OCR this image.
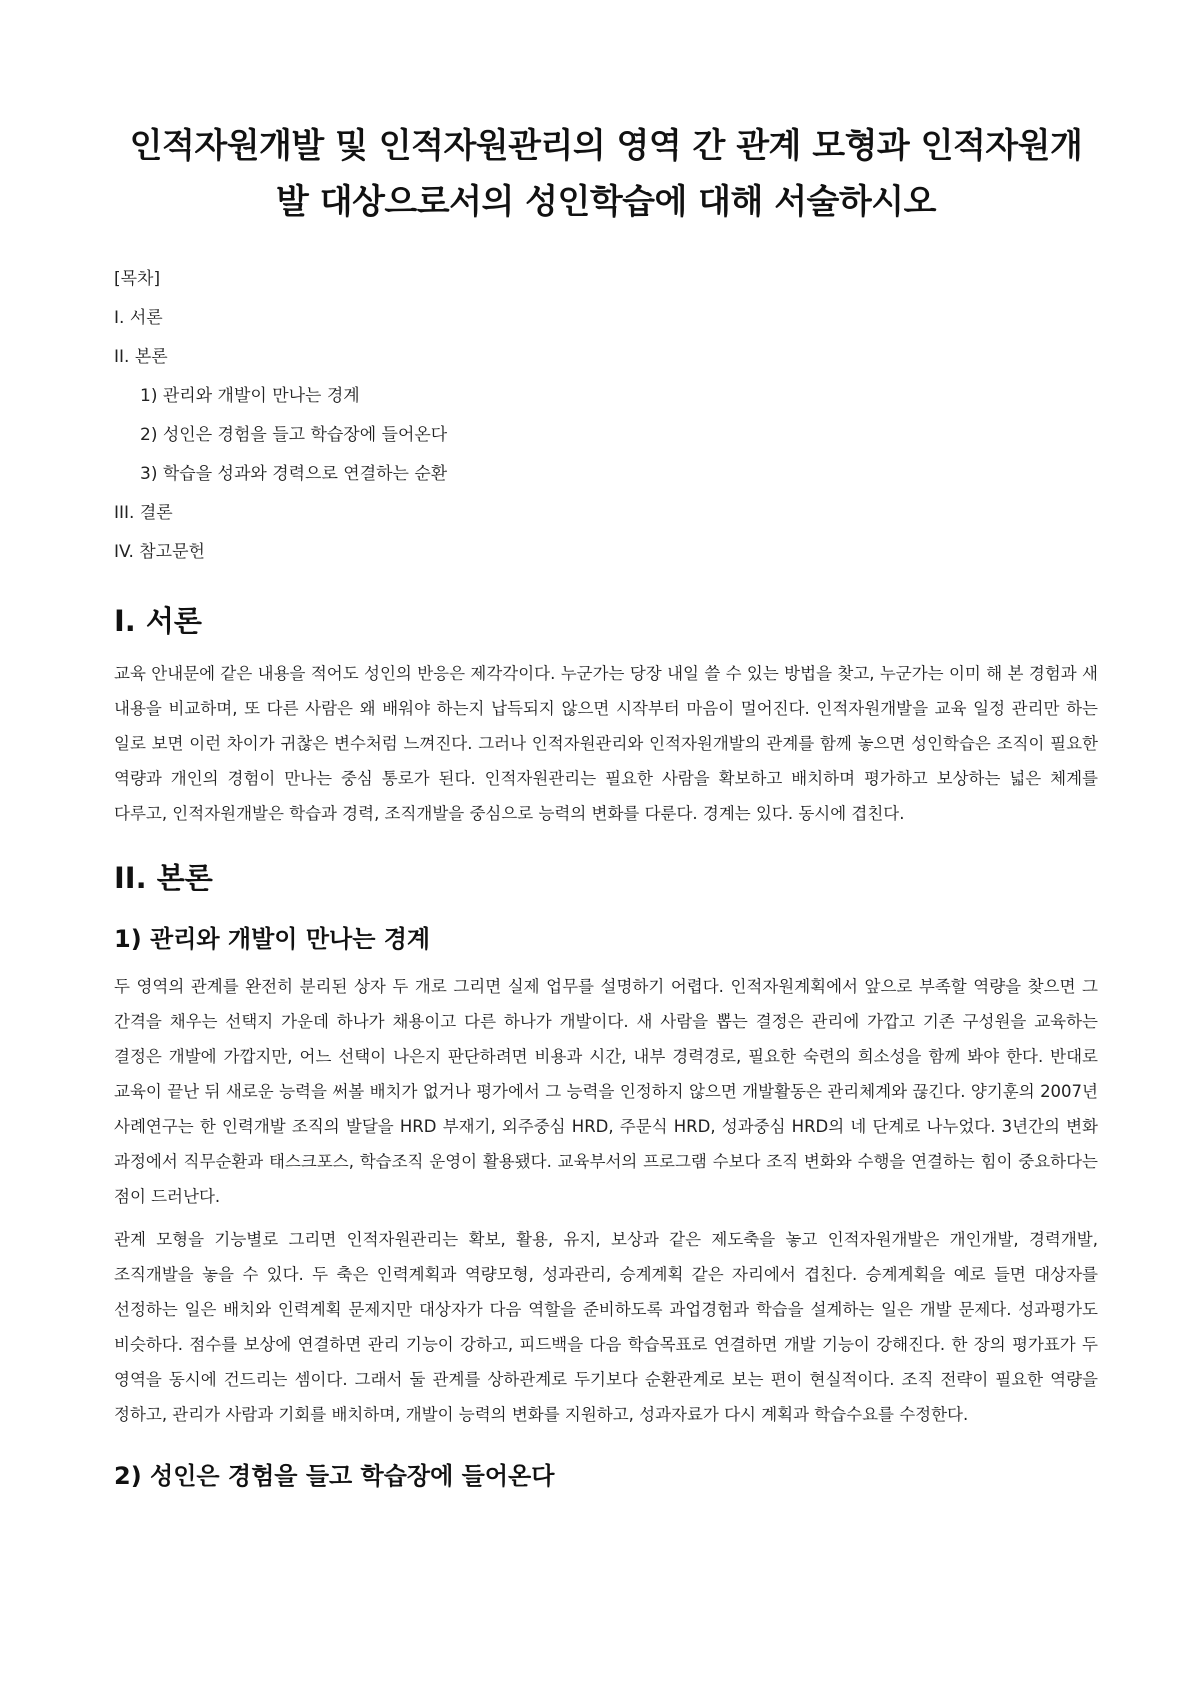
인적자원개발 및 인적자원관리의 영역 간 관계 모형과 인적자원개발 대상으로서의 성인학습에 대해 서술하시오
[목차]
I. 서론
II. 본론
1) 관리와 개발이 만나는 경계
2) 성인은 경험을 들고 학습장에 들어온다
3) 학습을 성과와 경력으로 연결하는 순환
III. 결론
IV. 참고문헌
I. 서론

교육 안내문에 같은 내용을 적어도 성인의 반응은 제각각이다. 누군가는 당장 내일 쓸 수 있는 방법을 찾고, 누군가는 이미 해 본 경험과 새 내용을 비교하며, 또 다른 사람은 왜 배워야 하는지 납득되지 않으면 시작부터 마음이 멀어진다. 인적자원개발을 교육 일정 관리만 하는 일로 보면 이런 차이가 귀찮은 변수처럼 느껴진다. 그러나 인적자원관리와 인적자원개발의 관계를 함께 놓으면 성인학습은 조직이 필요한 역량과 개인의 경험이 만나는 중심 통로가 된다. 인적자원관리는 필요한 사람을 확보하고 배치하며 평가하고 보상하는 넓은 체계를 다루고, 인적자원개발은 학습과 경력, 조직개발을 중심으로 능력의 변화를 다룬다. 경계는 있다. 동시에 겹친다.

II. 본론
1) 관리와 개발이 만나는 경계

두 영역의 관계를 완전히 분리된 상자 두 개로 그리면 실제 업무를 설명하기 어렵다. 인적자원계획에서 앞으로 부족할 역량을 찾으면 그 간격을 채우는 선택지 가운데 하나가 채용이고 다른 하나가 개발이다. 새 사람을 뽑는 결정은 관리에 가깝고 기존 구성원을 교육하는 결정은 개발에 가깝지만, 어느 선택이 나은지 판단하려면 비용과 시간, 내부 경력경로, 필요한 숙련의 희소성을 함께 봐야 한다. 반대로 교육이 끝난 뒤 새로운 능력을 써볼 배치가 없거나 평가에서 그 능력을 인정하지 않으면 개발활동은 관리체계와 끊긴다. 양기훈의 2007년 사례연구는 한 인력개발 조직의 발달을 HRD 부재기, 외주중심 HRD, 주문식 HRD, 성과중심 HRD의 네 단계로 나누었다. 3년간의 변화 과정에서 직무순환과 태스크포스, 학습조직 운영이 활용됐다. 교육부서의 프로그램 수보다 조직 변화와 수행을 연결하는 힘이 중요하다는 점이 드러난다.

관계 모형을 기능별로 그리면 인적자원관리는 확보, 활용, 유지, 보상과 같은 제도축을 놓고 인적자원개발은 개인개발, 경력개발, 조직개발을 놓을 수 있다. 두 축은 인력계획과 역량모형, 성과관리, 승계계획 같은 자리에서 겹친다. 승계계획을 예로 들면 대상자를 선정하는 일은 배치와 인력계획 문제지만 대상자가 다음 역할을 준비하도록 과업경험과 학습을 설계하는 일은 개발 문제다. 성과평가도 비슷하다. 점수를 보상에 연결하면 관리 기능이 강하고, 피드백을 다음 학습목표로 연결하면 개발 기능이 강해진다. 한 장의 평가표가 두 영역을 동시에 건드리는 셈이다. 그래서 둘 관계를 상하관계로 두기보다 순환관계로 보는 편이 현실적이다. 조직 전략이 필요한 역량을 정하고, 관리가 사람과 기회를 배치하며, 개발이 능력의 변화를 지원하고, 성과자료가 다시 계획과 학습수요를 수정한다.

2) 성인은 경험을 들고 학습장에 들어온다
